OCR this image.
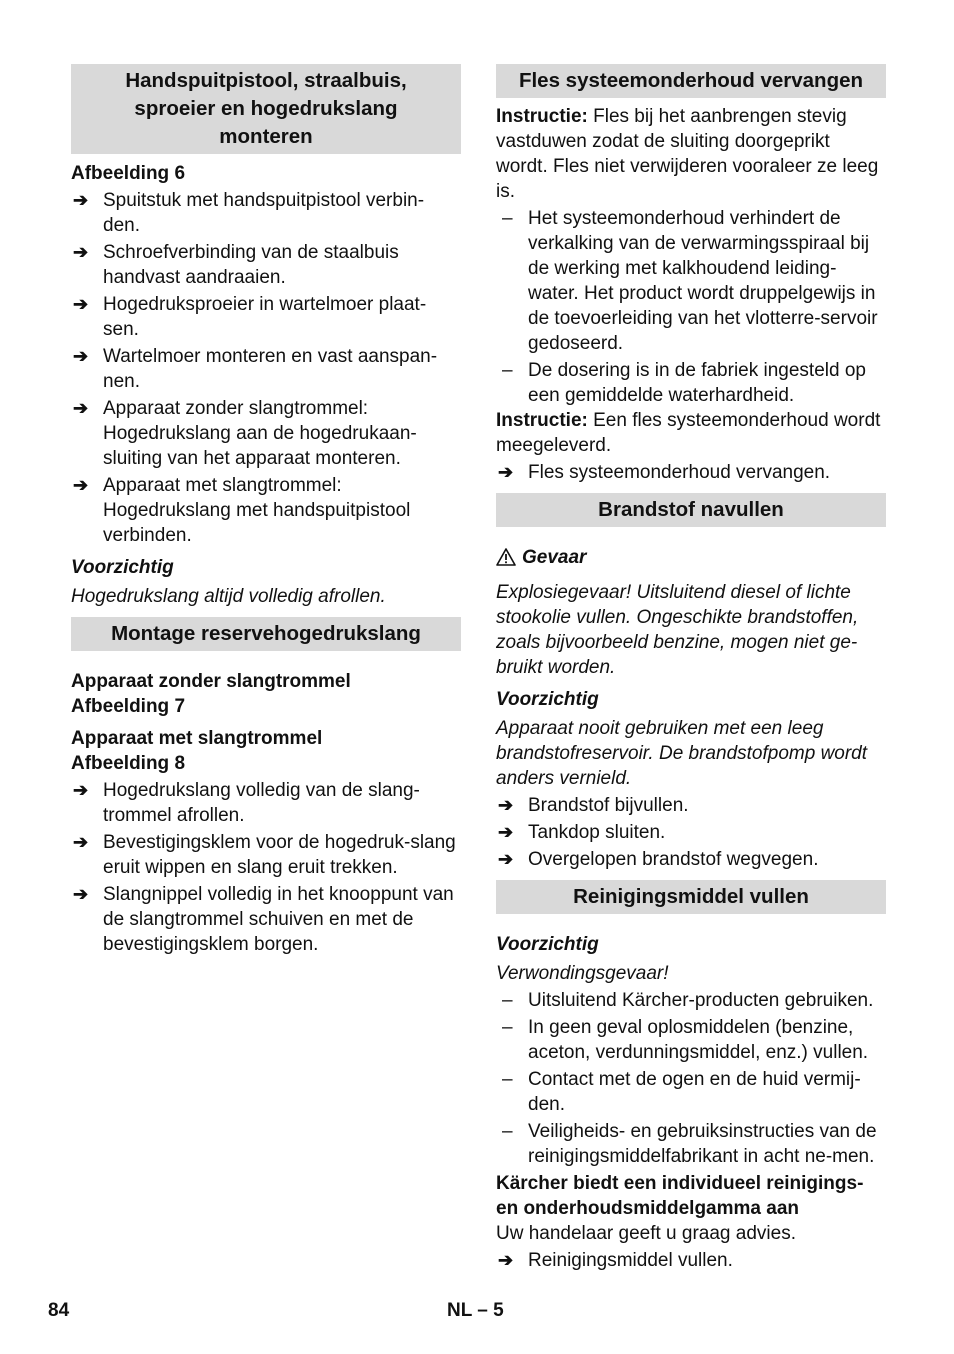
Handspuitpistool, straalbuis, sproeier en hogedrukslang monteren

Afbeelding 6

➔ Spuitstuk met handspuitpistool verbin-den.
➔ Schroefverbinding van de staalbuis handvast aandraaien.
➔ Hogedruksproeier in wartelmoer plaat-sen.
➔ Wartelmoer monteren en vast aanspan-nen.
➔ Apparaat zonder slangtrommel: Hogedrukslang aan de hogedrukaan-sluiting van het apparaat monteren.
➔ Apparaat met slangtrommel: Hogedrukslang met handspuitpistool verbinden.

Voorzichtig

Hogedrukslang altijd volledig afrollen.

Montage reservehogedrukslang

Apparaat zonder slangtrommel

Afbeelding 7

Apparaat met slangtrommel

Afbeelding 8

➔ Hogedrukslang volledig van de slang-trommel afrollen.
➔ Bevestigingsklem voor de hogedruk-slang eruit wippen en slang eruit trekken.
➔ Slangnippel volledig in het knooppunt van de slangtrommel schuiven en met de bevestigingsklem borgen.
Fles systeemonderhoud vervangen

Instructie: Fles bij het aanbrengen stevig vastduwen zodat de sluiting doorgeprikt wordt. Fles niet verwijderen vooraleer ze leeg is.

– Het systeemonderhoud verhindert de verkalking van de verwarmingsspiraal bij de werking met kalkhoudend leiding-water. Het product wordt druppelgewijs in de toevoerleiding van het vlotterre-servoir gedoseerd.
– De dosering is in de fabriek ingesteld op een gemiddelde waterhardheid.

Instructie: Een fles systeemonderhoud wordt meegeleverd.

➔ Fles systeemonderhoud vervangen.
Brandstof navullen

Gevaar

Explosiegevaar! Uitsluitend diesel of lichte stookolie vullen. Ongeschikte brandstoffen, zoals bijvoorbeeld benzine, mogen niet ge-bruikt worden.

Voorzichtig

Apparaat nooit gebruiken met een leeg brandstofreservoir. De brandstofpomp wordt anders vernield.

➔ Brandstof bijvullen.
➔ Tankdop sluiten.
➔ Overgelopen brandstof wegvegen.
Reinigingsmiddel vullen

Voorzichtig

Verwondingsgevaar!

– Uitsluitend Kärcher-producten gebruiken.
– In geen geval oplosmiddelen (benzine, aceton, verdunningsmiddel, enz.) vullen.
– Contact met de ogen en de huid vermij-den.
– Veiligheids- en gebruiksinstructies van de reinigingsmiddelfabrikant in acht ne-men.

Kärcher biedt een individueel reinigings- en onderhoudsmiddelgamma aan

Uw handelaar geeft u graag advies.

➔ Reinigingsmiddel vullen.
84	NL – 5
